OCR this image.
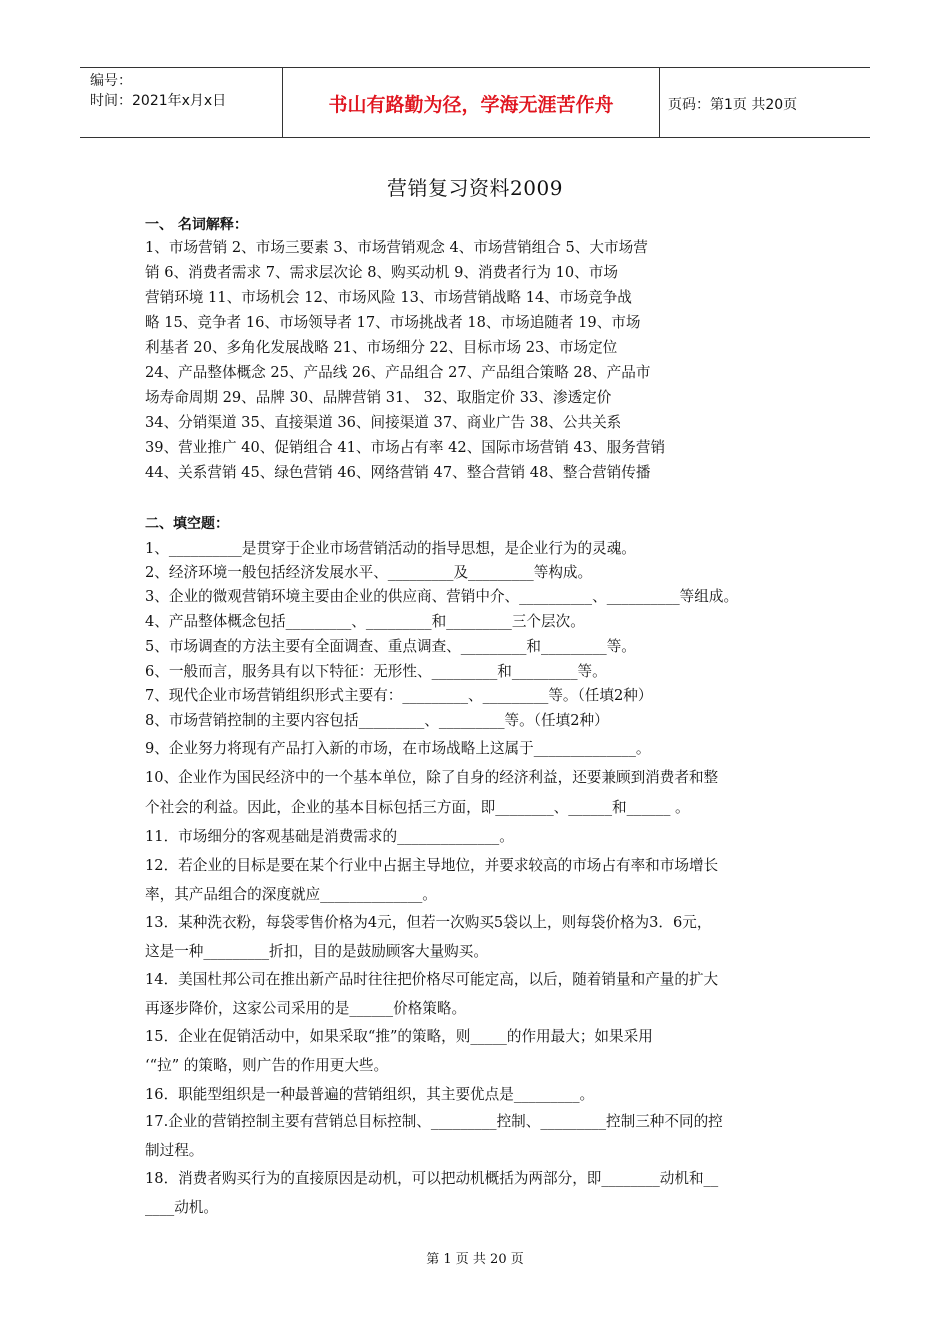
编号：
时间：2021年x月x日	书山有路勤为径，学海无涯苦作舟	页码：第1页 共20页
营销复习资料2009
一、 名词解释：
1、市场营销 2、市场三要素 3、市场营销观念 4、市场营销组合 5、大市场营
销 6、消费者需求 7、需求层次论 8、购买动机 9、消费者行为 10、市场
营销环境 11、市场机会 12、市场风险 13、市场营销战略 14、市场竞争战
略 15、竞争者 16、市场领导者 17、市场挑战者 18、市场追随者 19、市场
利基者 20、多角化发展战略 21、市场细分 22、目标市场 23、市场定位
24、产品整体概念 25、产品线 26、产品组合 27、产品组合策略 28、产品市
场寿命周期 29、品牌 30、品牌营销 31、 32、取脂定价 33、渗透定价
34、分销渠道 35、直接渠道 36、间接渠道 37、商业广告 38、公共关系
39、营业推广 40、促销组合 41、市场占有率 42、国际市场营销 43、服务营销
44、关系营销 45、绿色营销 46、网络营销 47、整合营销 48、整合营销传播
二、填空题：
1、__________是贯穿于企业市场营销活动的指导思想，是企业行为的灵魂。
2、经济环境一般包括经济发展水平、_________及_________等构成。
3、企业的微观营销环境主要由企业的供应商、营销中介、__________、__________等组成。
4、产品整体概念包括_________、_________和_________三个层次。
5、市场调查的方法主要有全面调查、重点调查、_________和_________等。
6、一般而言，服务具有以下特征：无形性、_________和_________等。
7、现代企业市场营销组织形式主要有：_________、_________等。（任填2种）
8、市场营销控制的主要内容包括_________、_________等。（任填2种）
9、企业努力将现有产品打入新的市场，在市场战略上这属于______________。
10、企业作为国民经济中的一个基本单位，除了自身的经济利益，还要兼顾到消费者和整
个社会的利益。因此，企业的基本目标包括三方面，即________、______和______ 。
11．市场细分的客观基础是消费需求的______________。
12．若企业的目标是要在某个行业中占据主导地位，并要求较高的市场占有率和市场增长
率，其产品组合的深度就应______________。
13．某种洗衣粉，每袋零售价格为4元，但若一次购买5袋以上，则每袋价格为3．6元，
这是一种_________折扣，目的是鼓励顾客大量购买。
14．美国杜邦公司在推出新产品时往往把价格尽可能定高，以后，随着销量和产量的扩大
再逐步降价，这家公司采用的是______价格策略。
15．企业在促销活动中，如果采取“推”的策略，则_____的作用最大；如果采用
‘“拉” 的策略，则广告的作用更大些。
16．职能型组织是一种最普遍的营销组织，其主要优点是_________。
17.企业的营销控制主要有营销总目标控制、_________控制、_________控制三种不同的控
制过程。
18．消费者购买行为的直接原因是动机，可以把动机概括为两部分，即________动机和__
____动机。
第 1 页 共 20 页
